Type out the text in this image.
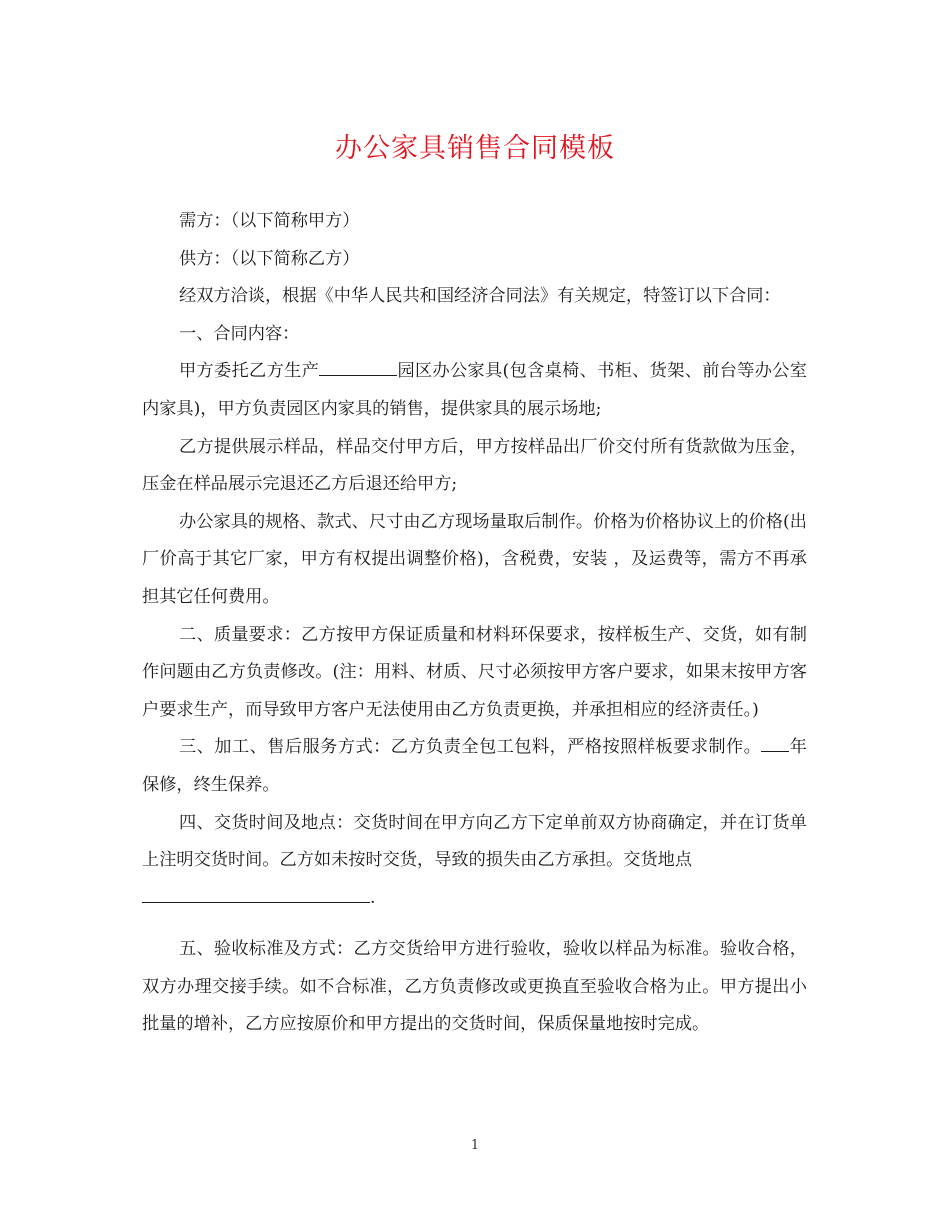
办公家具销售合同模板

需方：（以下简称甲方）

供方：（以下简称乙方）

经双方洽谈，根据《中华人民共和国经济合同法》有关规定，特签订以下合同：

一、合同内容：

甲方委托乙方生产	园区办公家具(包含桌椅、书柜、货架、前台等办公室内家具)，甲方负责园区内家具的销售，提供家具的展示场地;

乙方提供展示样品，样品交付甲方后，甲方按样品出厂价交付所有货款做为压金，压金在样品展示完退还乙方后退还给甲方;

办公家具的规格、款式、尺寸由乙方现场量取后制作。价格为价格协议上的价格(出厂价高于其它厂家，甲方有权提出调整价格)，含税费，安装 ，及运费等，需方不再承担其它任何费用。

二、质量要求：乙方按甲方保证质量和材料环保要求，按样板生产、交货，如有制作问题由乙方负责修改。(注：用料、材质、尺寸必须按甲方客户要求，如果末按甲方客户要求生产，而导致甲方客户无法使用由乙方负责更换，并承担相应的经济责任。)

三、加工、售后服务方式：乙方负责全包工包料，严格按照样板要求制作。 年保修，终生保养。

四、交货时间及地点：交货时间在甲方向乙方下定单前双方协商确定，并在订货单上注明交货时间。乙方如未按时交货，导致的损失由乙方承担。交货地点

.

五、验收标准及方式：乙方交货给甲方进行验收，验收以样品为标准。验收合格，双方办理交接手续。如不合标准，乙方负责修改或更换直至验收合格为止。甲方提出小批量的增补，乙方应按原价和甲方提出的交货时间，保质保量地按时完成。

1
